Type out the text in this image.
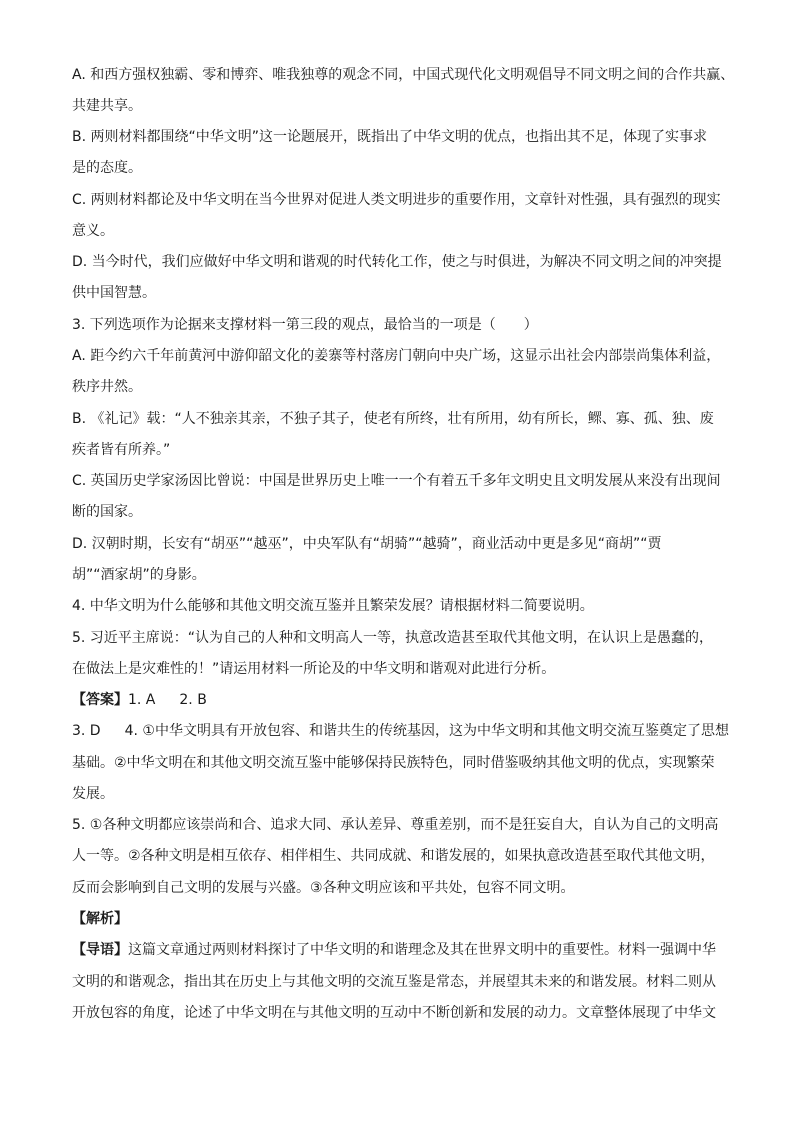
A. 和西方强权独霸、零和博弈、唯我独尊的观念不同，中国式现代化文明观倡导不同文明之间的合作共赢、
共建共享。
B. 两则材料都围绕“中华文明”这一论题展开，既指出了中华文明的优点，也指出其不足，体现了实事求
是的态度。
C. 两则材料都论及中华文明在当今世界对促进人类文明进步的重要作用，文章针对性强，具有强烈的现实
意义。
D. 当今时代，我们应做好中华文明和谐观的时代转化工作，使之与时俱进，为解决不同文明之间的冲突提
供中国智慧。
3. 下列选项作为论据来支撑材料一第三段的观点，最恰当的一项是（　　）
A. 距今约六千年前黄河中游仰韶文化的姜寨等村落房门朝向中央广场，这显示出社会内部崇尚集体利益，
秩序井然。
B. 《礼记》载：“人不独亲其亲，不独子其子，使老有所终，壮有所用，幼有所长，鳏、寡、孤、独、废
疾者皆有所养。”
C. 英国历史学家汤因比曾说：中国是世界历史上唯一一个有着五千多年文明史且文明发展从来没有出现间
断的国家。
D. 汉朝时期，长安有“胡巫”“越巫”，中央军队有“胡骑”“越骑”，商业活动中更是多见“商胡”“贾
胡”“酒家胡”的身影。
4. 中华文明为什么能够和其他文明交流互鉴并且繁荣发展？请根据材料二简要说明。
5. 习近平主席说：“认为自己的人种和文明高人一等，执意改造甚至取代其他文明，在认识上是愚蠢的，
在做法上是灾难性的！”请运用材料一所论及的中华文明和谐观对此进行分析。
【答案】1. A 2. B
3. D 4. ①中华文明具有开放包容、和谐共生的传统基因，这为中华文明和其他文明交流互鉴奠定了思想
基础。②中华文明在和其他文明交流互鉴中能够保持民族特色，同时借鉴吸纳其他文明的优点，实现繁荣
发展。
5. ①各种文明都应该崇尚和合、追求大同、承认差异、尊重差别，而不是狂妄自大，自认为自己的文明高
人一等。②各种文明是相互依存、相伴相生、共同成就、和谐发展的，如果执意改造甚至取代其他文明，
反而会影响到自己文明的发展与兴盛。③各种文明应该和平共处，包容不同文明。
【解析】
【导语】这篇文章通过两则材料探讨了中华文明的和谐理念及其在世界文明中的重要性。材料一强调中华
文明的和谐观念，指出其在历史上与其他文明的交流互鉴是常态，并展望其未来的和谐发展。材料二则从
开放包容的角度，论述了中华文明在与其他文明的互动中不断创新和发展的动力。文章整体展现了中华文
